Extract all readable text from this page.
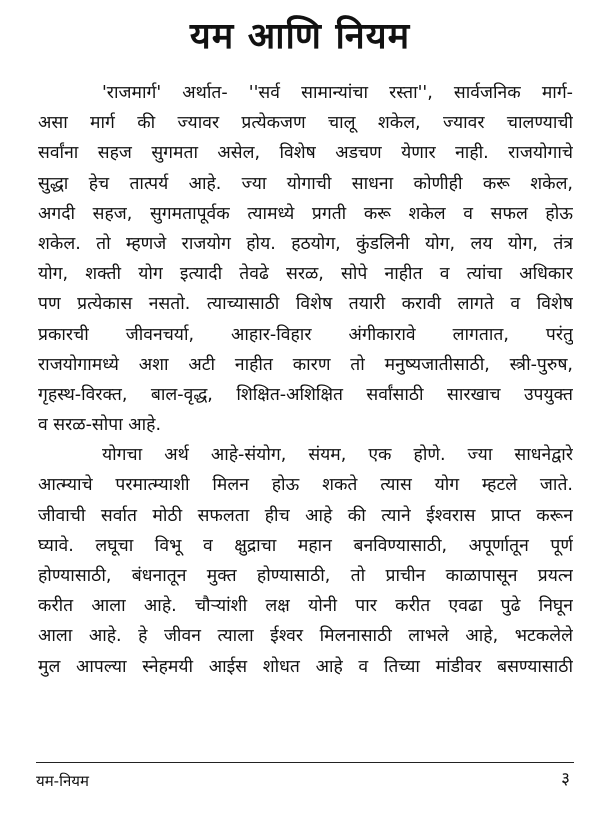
यम आणि नियम
'राजमार्ग' अर्थात- ''सर्व सामान्यांचा रस्ता'', सार्वजनिक मार्ग-
असा मार्ग की ज्यावर प्रत्येकजण चालू शकेल, ज्यावर चालण्याची
सर्वांना सहज सुगमता असेल, विशेष अडचण येणार नाही. राजयोगाचे
सुद्धा हेच तात्पर्य आहे. ज्या योगाची साधना कोणीही करू शकेल,
अगदी सहज, सुगमतापूर्वक त्यामध्ये प्रगती करू शकेल व सफल होऊ
शकेल. तो म्हणजे राजयोग होय. हठयोग, कुंडलिनी योग, लय योग, तंत्र
योग, शक्ती योग इत्यादी तेवढे सरळ, सोपे नाहीत व त्यांचा अधिकार
पण प्रत्येकास नसतो. त्याच्यासाठी विशेष तयारी करावी लागते व विशेष
प्रकारची जीवनचर्या, आहार-विहार अंगीकारावे लागतात, परंतु
राजयोगामध्ये अशा अटी नाहीत कारण तो मनुष्यजातीसाठी, स्त्री-पुरुष,
गृहस्थ-विरक्त, बाल-वृद्ध, शिक्षित-अशिक्षित सर्वांसाठी सारखाच उपयुक्त
व सरळ-सोपा आहे.
योगचा अर्थ आहे-संयोग, संयम, एक होणे. ज्या साधनेद्वारे
आत्म्याचे परमात्म्याशी मिलन होऊ शकते त्यास योग म्हटले जाते.
जीवाची सर्वात मोठी सफलता हीच आहे की त्याने ईश्वरास प्राप्त करून
घ्यावे. लघूचा विभू व क्षुद्राचा महान बनविण्यासाठी, अपूर्णातून पूर्ण
होण्यासाठी, बंधनातून मुक्त होण्यासाठी, तो प्राचीन काळापासून प्रयत्न
करीत आला आहे. चौऱ्यांशी लक्ष योनी पार करीत एवढा पुढे निघून
आला आहे. हे जीवन त्याला ईश्वर मिलनासाठी लाभले आहे, भटकलेले
मुल आपल्या स्नेहमयी आईस शोधत आहे व तिच्या मांडीवर बसण्यासाठी
यम-नियम	३
